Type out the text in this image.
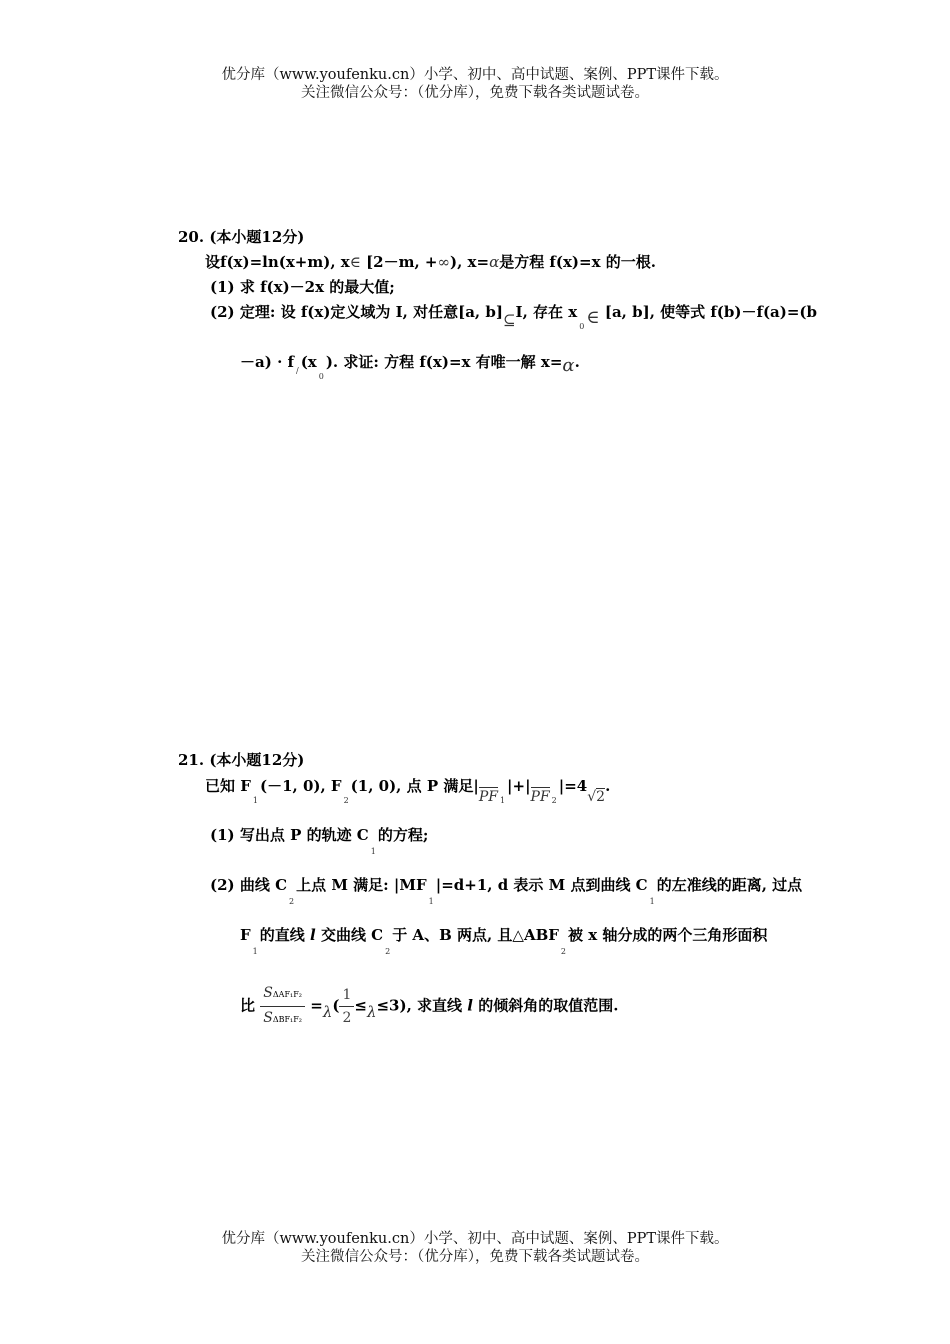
优分库（www.youfenku.cn）小学、初中、高中试题、案例、PPT课件下载。
关注微信公众号：（优分库），免费下载各类试题试卷。
20. (本小题12分)
设f(x)=ln(x+m), x∈ [2－m, +∞), x=α是方程 f(x)=x 的一根.
(1) 求 f(x)－2x 的最大值;
(2) 定理: 设 f(x)定义域为 I, 对任意[a, b]⊆I, 存在 $x_0$ ∈ [a, b], 使等式 f(b)－f(a)=(b
－a) · f $_/$ $(x_0)$. 求证: 方程 f(x)=x 有唯一解 x=α.
21. (本小题12分)
已知 $F_1(-1$, 0), $F_2(1$, 0), 点 P 满足|PF 1|+|PF 2|=4√2.
(1) 写出点 P 的轨迹 $C_1$的方程;
(2) 曲线 $C_2$上点 M 满足: $|MF_1|=d+1$, d 表示 M 点到曲线 $C_1$的左准线的距离, 过点
$F_1$的直线 l 交曲线 $C_2$于 A、B 两点, 且$\triangle ABF_2$被 x 轴分成的两个三角形面积
比 $\frac{\text{SΔAF₁F₂}}{\text{SΔBF₁F₂}} =\lambda( \frac{1}{2} \le\lambda\le 3)$, 求直线 l 的倾斜角的取值范围.
优分库（www.youfenku.cn）小学、初中、高中试题、案例、PPT课件下载。
关注微信公众号：（优分库），免费下载各类试题试卷。
